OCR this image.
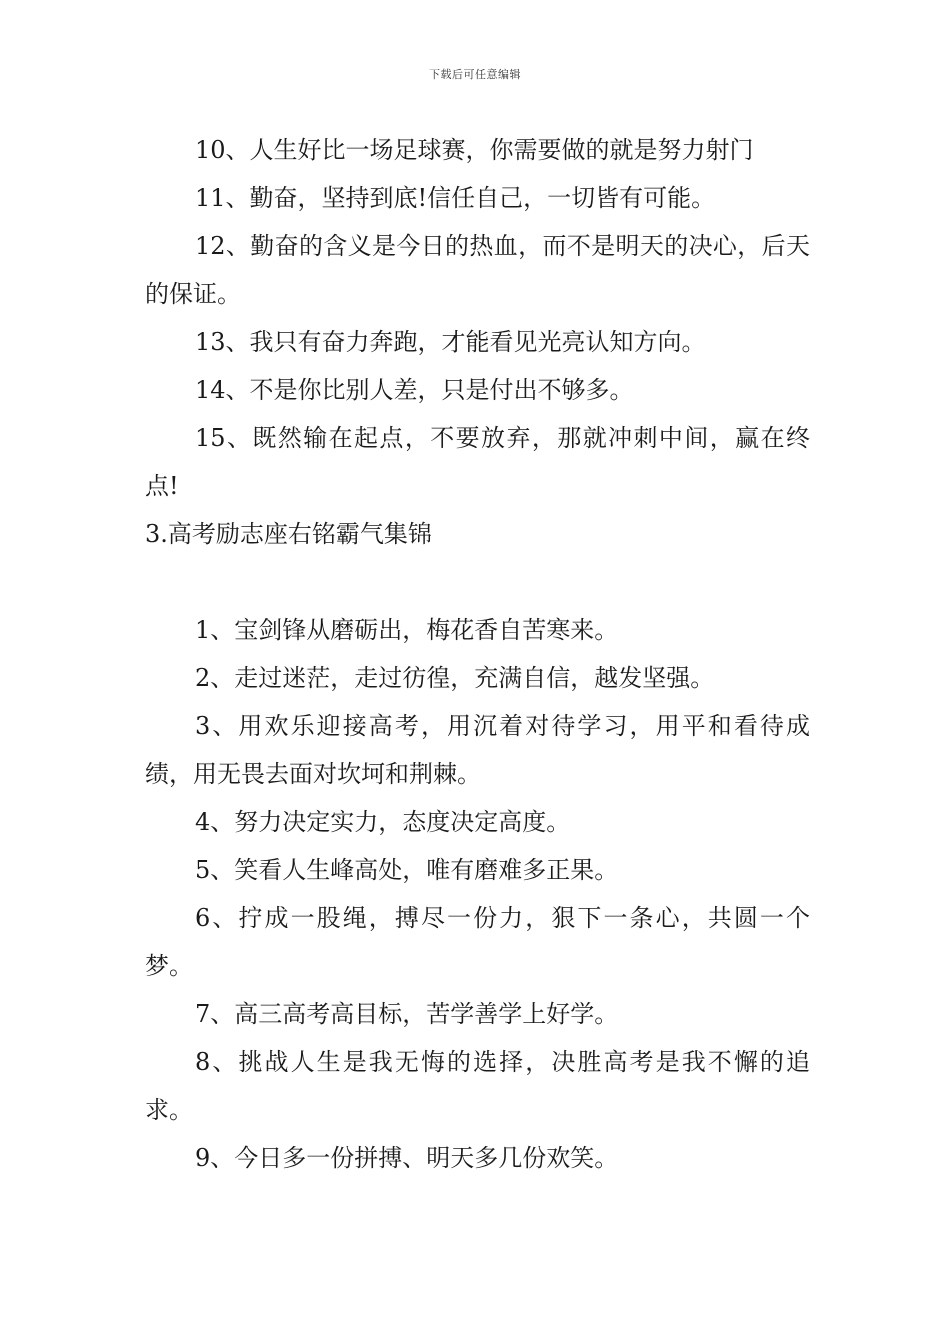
下载后可任意编辑

10、人生好比一场足球赛，你需要做的就是努力射门

11、勤奋，坚持到底!信任自己，一切皆有可能。

12、勤奋的含义是今日的热血，而不是明天的决心，后天的保证。

13、我只有奋力奔跑，才能看见光亮认知方向。

14、不是你比别人差，只是付出不够多。

15、既然输在起点，不要放弃，那就冲刺中间，赢在终点!

3.高考励志座右铭霸气集锦

1、宝剑锋从磨砺出，梅花香自苦寒来。

2、走过迷茫，走过彷徨，充满自信，越发坚强。

3、用欢乐迎接高考，用沉着对待学习，用平和看待成绩，用无畏去面对坎坷和荆棘。

4、努力决定实力，态度决定高度。

5、笑看人生峰高处，唯有磨难多正果。

6、拧成一股绳，搏尽一份力，狠下一条心，共圆一个梦。

7、高三高考高目标，苦学善学上好学。

8、挑战人生是我无悔的选择，决胜高考是我不懈的追求。

9、今日多一份拼搏、明天多几份欢笑。
